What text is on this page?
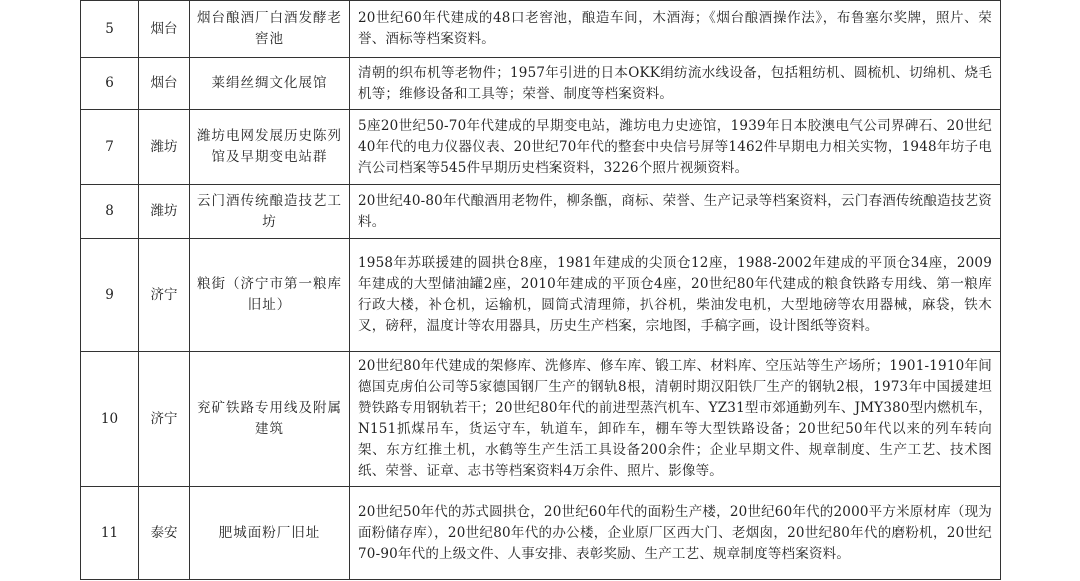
5	烟台	烟台酿酒厂白酒发酵老窖池	20世纪60年代建成的48口老窖池，酿造车间，木酒海；《烟台酿酒操作法》，布鲁塞尔奖牌，照片、荣誉、酒标等档案资料。
6	烟台	莱绢丝绸文化展馆	清朝的织布机等老物件；1957年引进的日本OKK绢纺流水线设备，包括粗纺机、圆梳机、切绵机、烧毛机等；维修设备和工具等；荣誉、制度等档案资料。
7	潍坊	潍坊电网发展历史陈列馆及早期变电站群	5座20世纪50-70年代建成的早期变电站，潍坊电力史迹馆，1939年日本胶澳电气公司界碑石、20世纪40年代的电力仪器仪表、20世纪70年代的整套中央信号屏等1462件早期电力相关实物，1948年坊子电汽公司档案等545件早期历史档案资料，3226个照片视频资料。
8	潍坊	云门酒传统酿造技艺工坊	20世纪40-80年代酿酒用老物件，柳条甑，商标、荣誉、生产记录等档案资料，云门春酒传统酿造技艺资料。
9	济宁	粮街（济宁市第一粮库旧址）	1958年苏联援建的圆拱仓8座，1981年建成的尖顶仓12座，1988-2002年建成的平顶仓34座，2009年建成的大型储油罐2座，2010年建成的平顶仓4座，20世纪80年代建成的粮食铁路专用线、第一粮库行政大楼，补仓机，运输机，圆筒式清理筛，扒谷机，柴油发电机，大型地磅等农用器械，麻袋，铁木叉，磅秤，温度计等农用器具，历史生产档案，宗地图，手稿字画，设计图纸等资料。
10	济宁	兖矿铁路专用线及附属建筑	20世纪80年代建成的架修库、洗修库、修车库、锻工库、材料库、空压站等生产场所；1901-1910年间德国克虏伯公司等5家德国钢厂生产的钢轨8根，清朝时期汉阳铁厂生产的钢轨2根，1973年中国援建坦赞铁路专用钢轨若干；20世纪80年代的前进型蒸汽机车、YZ31型市郊通勤列车、JMY380型内燃机车，N151抓煤吊车，货运守车，轨道车，卸砟车，棚车等大型铁路设备；20世纪50年代以来的列车转向架、东方红推土机，水鹤等生产生活工具设备200余件；企业早期文件、规章制度、生产工艺、技术图纸、荣誉、证章、志书等档案资料4万余件、照片、影像等。
11	泰安	肥城面粉厂旧址	20世纪50年代的苏式圆拱仓，20世纪60年代的面粉生产楼，20世纪60年代的2000平方米原材库（现为面粉储存库），20世纪80年代的办公楼，企业原厂区西大门、老烟囱，20世纪80年代的磨粉机，20世纪70-90年代的上级文件、人事安排、表彰奖励、生产工艺、规章制度等档案资料。
